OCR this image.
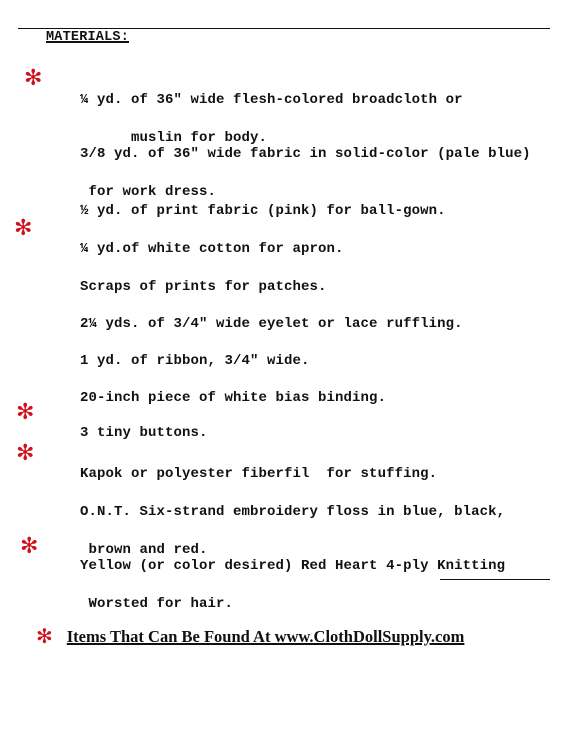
MATERIALS:
✻

¼ yd. of 36" wide flesh-colored broadcloth or

muslin for body.

3/8 yd. of 36" wide fabric in solid-color (pale blue)

for work dress.

½ yd. of print fabric (pink) for ball-gown.

✻

¼ yd.of white cotton for apron.

Scraps of prints for patches.

2¼ yds. of 3/4" wide eyelet or lace ruffling.

1 yd. of ribbon, 3/4" wide.

20-inch piece of white bias binding.

✻

3 tiny buttons.

✻

Kapok or polyester fiberfil  for stuffing.

O.N.T. Six-strand embroidery floss in blue, black,

brown and red.

✻

Yellow (or color desired) Red Heart 4-ply Knitting

Worsted for hair.

✻ Items That Can Be Found At www.ClothDollSupply.com
